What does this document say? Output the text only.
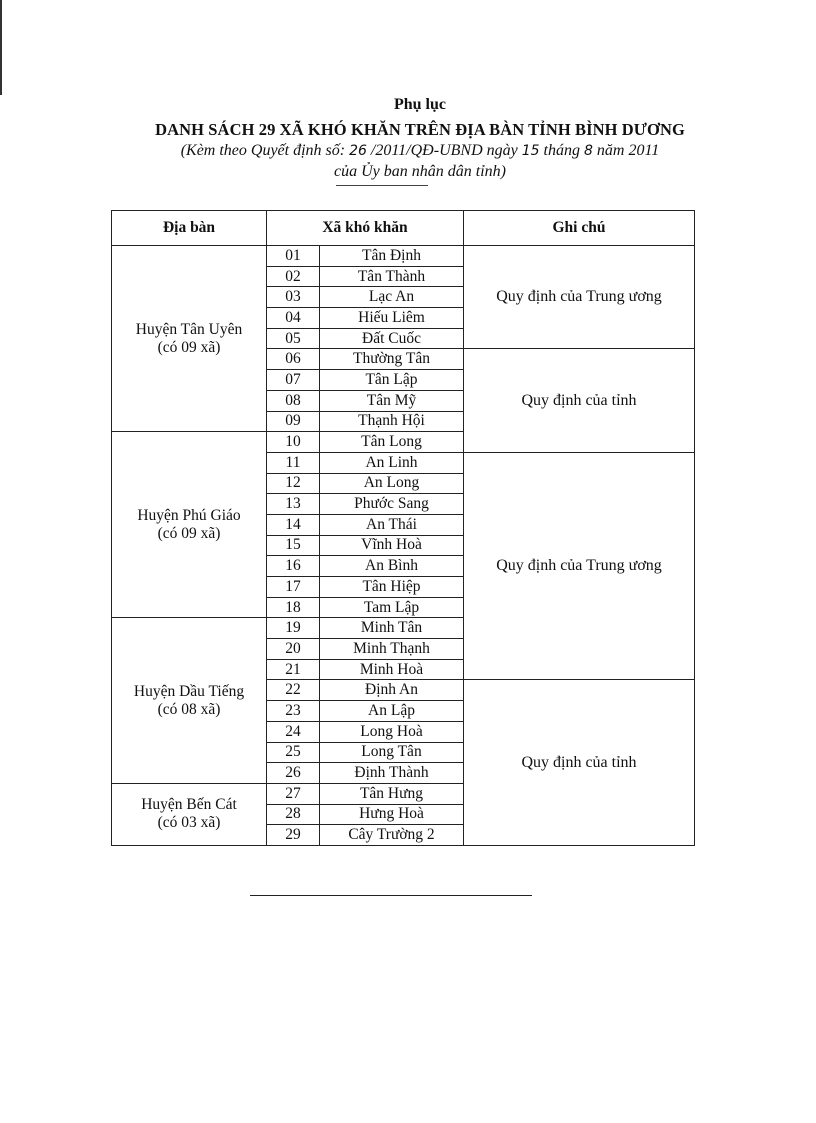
Phụ lục
DANH SÁCH 29 XÃ KHÓ KHĂN TRÊN ĐỊA BÀN TỈNH BÌNH DƯƠNG
(Kèm theo Quyết định số: 26 /2011/QĐ-UBND ngày 15 tháng 8 năm 2011
của Ủy ban nhân dân tỉnh)
Địa bàn	Xã khó khăn		Ghi chú

Huyện Tân Uyên
(có 09 xã)	01	Tân Định	Quy định của Trung ương
	02	Tân Thành	
	03	Lạc An	
	04	Hiếu Liêm	
	05	Đất Cuốc	
	06	Thường Tân	Quy định của tỉnh
	07	Tân Lập	
	08	Tân Mỹ	
	09	Thạnh Hội	

Huyện Phú Giáo
(có 09 xã)	10	Tân Long	
	11	An Linh	Quy định của Trung ương
	12	An Long	
	13	Phước Sang	
	14	An Thái	
	15	Vĩnh Hoà	
	16	An Bình	
	17	Tân Hiệp	
	18	Tam Lập	

Huyện Dầu Tiếng
(có 08 xã)	19	Minh Tân	
	20	Minh Thạnh	
	21	Minh Hoà	
	22	Định An	Quy định của tỉnh
	23	An Lập	
	24	Long Hoà	
	25	Long Tân	
	26	Định Thành	

Huyện Bến Cát
(có 03 xã)	27	Tân Hưng	
	28	Hưng Hoà	
	29	Cây Trường 2	
